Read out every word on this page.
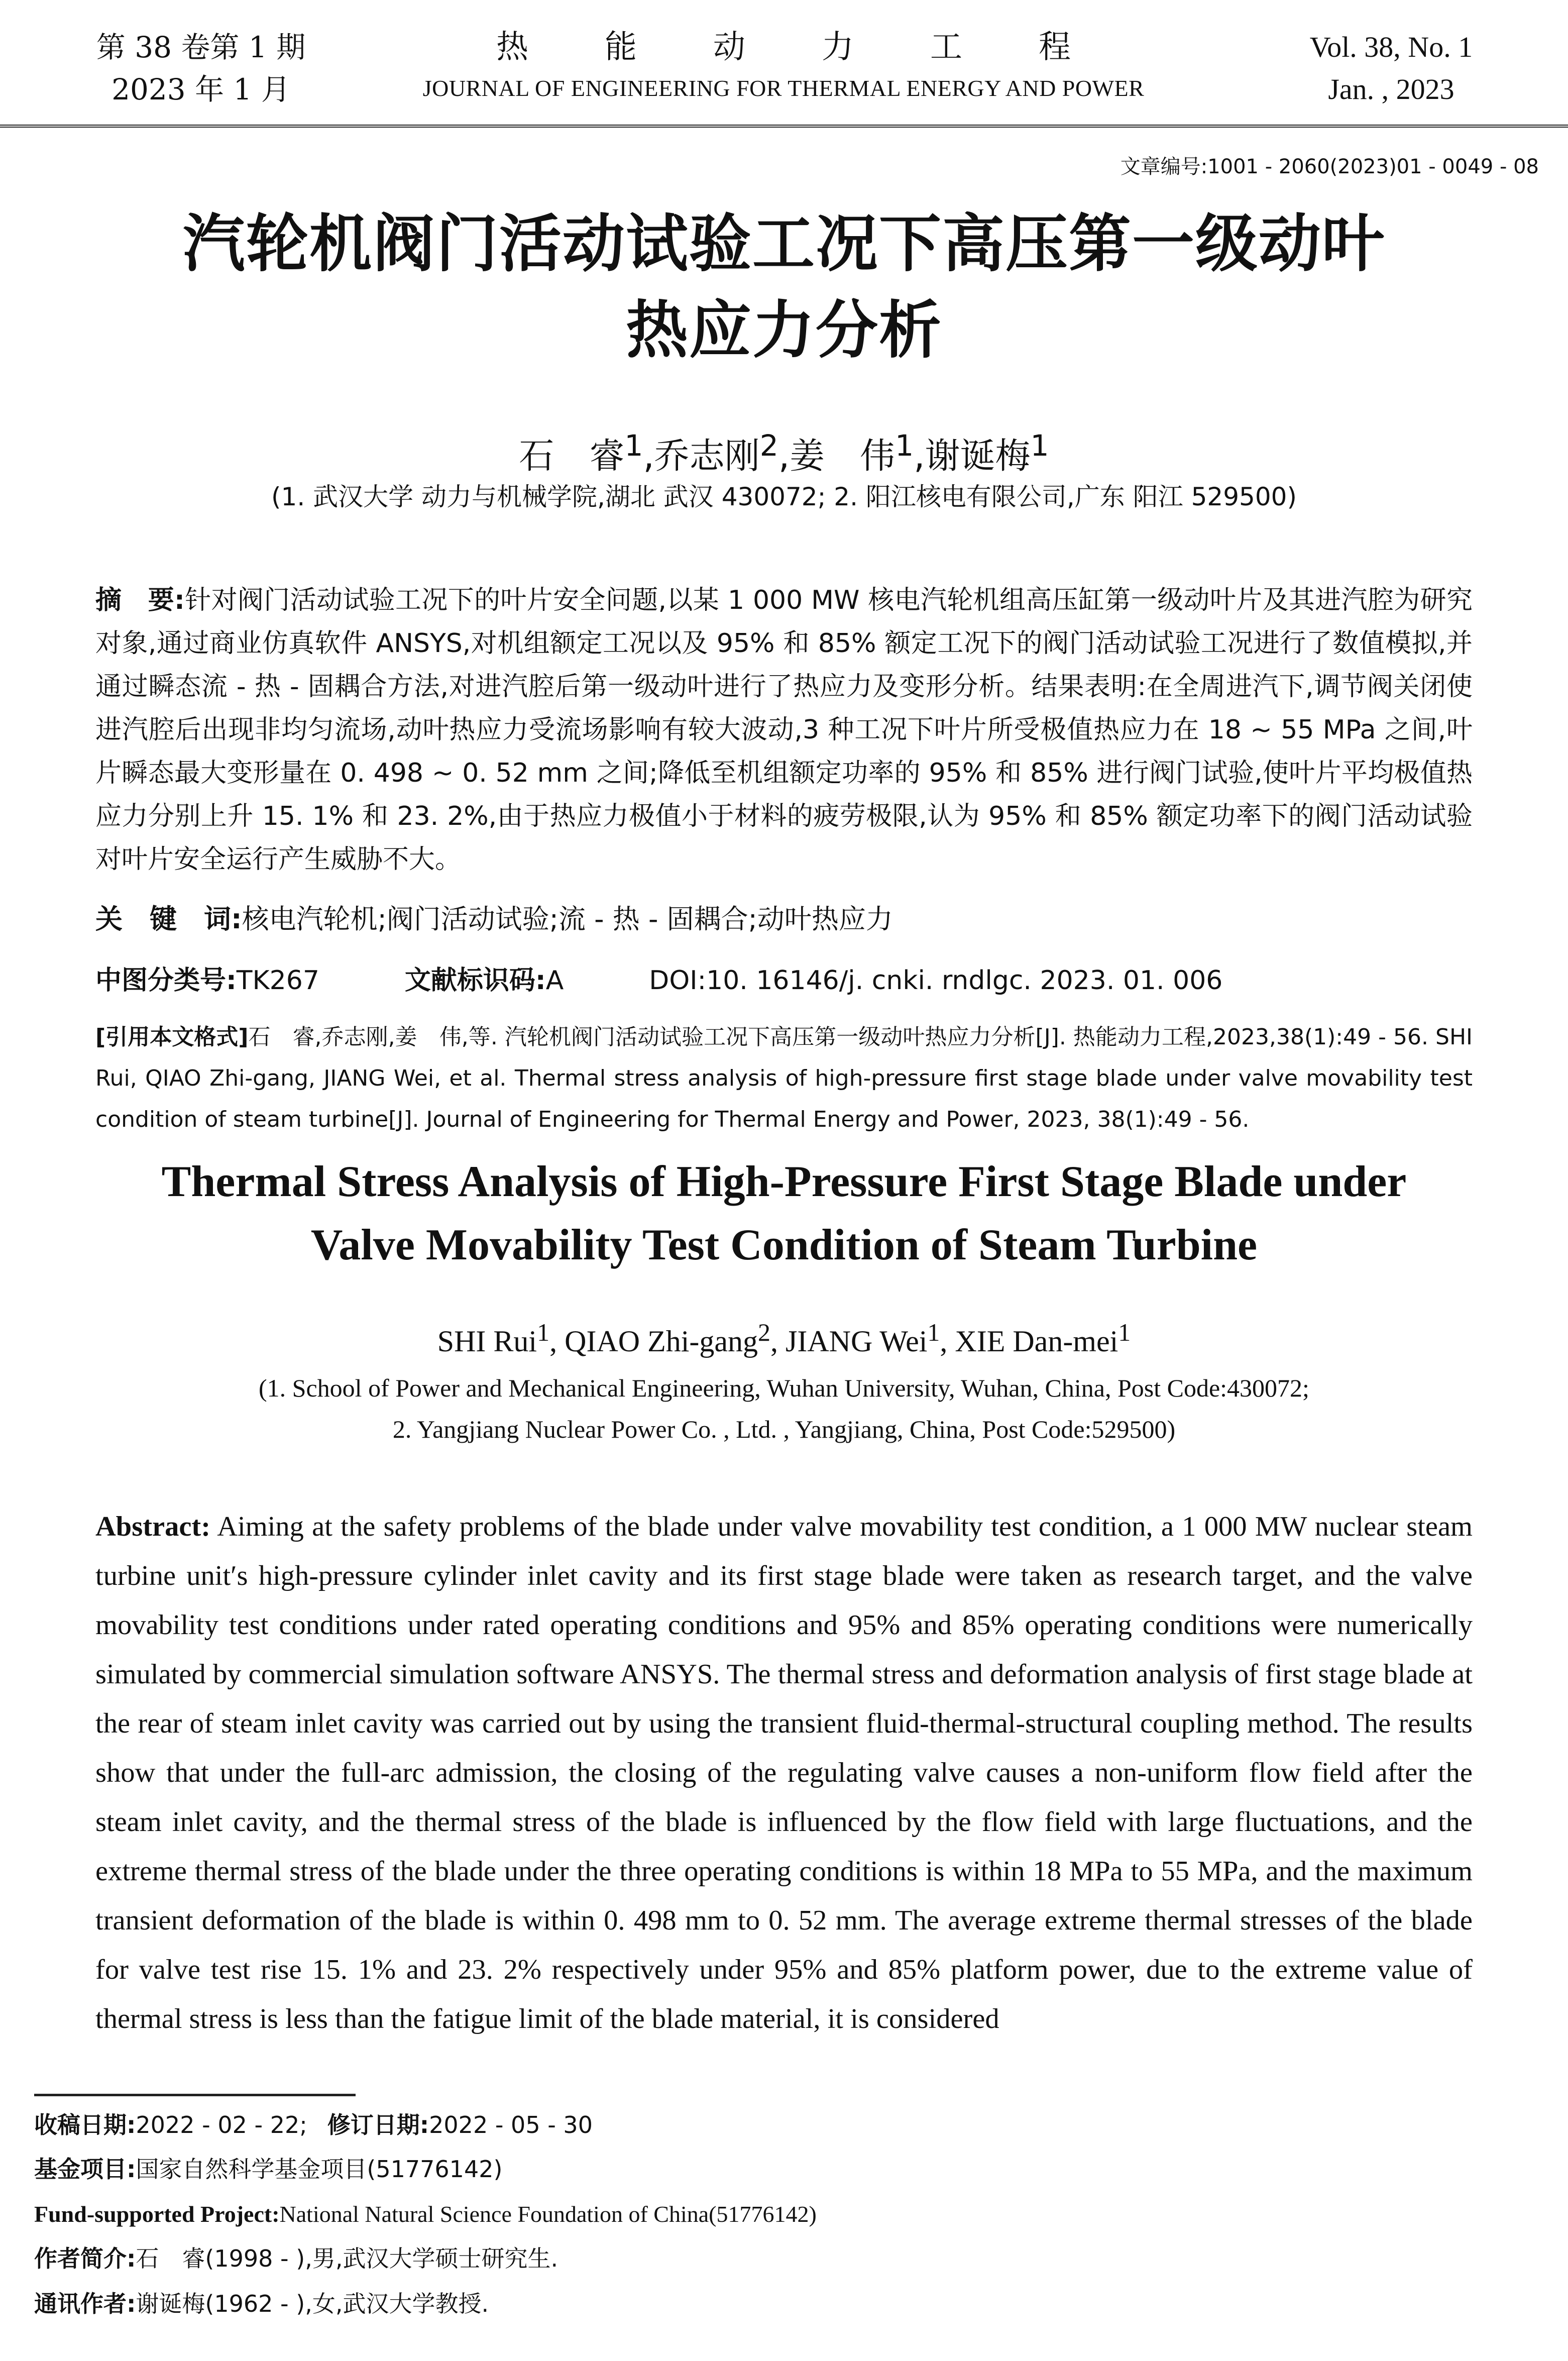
第 38 卷第 1 期
2023 年 1 月
热能动力工程
JOURNAL OF ENGINEERING FOR THERMAL ENERGY AND POWER
Vol. 38, No. 1
Jan. , 2023
文章编号:1001 - 2060(2023)01 - 0049 - 08
汽轮机阀门活动试验工况下高压第一级动叶
热应力分析
石　睿$^1$,乔志刚$^2$,姜　伟$^1$,谢诞梅$^1$
(1. 武汉大学 动力与机械学院,湖北 武汉 430072; 2. 阳江核电有限公司,广东 阳江 529500)
摘　要:针对阀门活动试验工况下的叶片安全问题,以某 1 000 MW 核电汽轮机组高压缸第一级动叶片及其进汽腔为研究对象,通过商业仿真软件 ANSYS,对机组额定工况以及 95% 和 85% 额定工况下的阀门活动试验工况进行了数值模拟,并通过瞬态流 - 热 - 固耦合方法,对进汽腔后第一级动叶进行了热应力及变形分析。结果表明:在全周进汽下,调节阀关闭使进汽腔后出现非均匀流场,动叶热应力受流场影响有较大波动,3 种工况下叶片所受极值热应力在 18 ~ 55 MPa 之间,叶片瞬态最大变形量在 0. 498 ~ 0. 52 mm 之间;降低至机组额定功率的 95% 和 85% 进行阀门试验,使叶片平均极值热应力分别上升 15. 1% 和 23. 2%,由于热应力极值小于材料的疲劳极限,认为 95% 和 85% 额定功率下的阀门活动试验对叶片安全运行产生威胁不大。
关　键　词:核电汽轮机;阀门活动试验;流 - 热 - 固耦合;动叶热应力
中图分类号:TK267	文献标识码:A	DOI:10. 16146/j. cnki. rndlgc. 2023. 01. 006
[引用本文格式]石　睿,乔志刚,姜　伟,等. 汽轮机阀门活动试验工况下高压第一级动叶热应力分析[J]. 热能动力工程,2023,38(1):49 - 56. SHI Rui, QIAO Zhi-gang, JIANG Wei, et al. Thermal stress analysis of high-pressure first stage blade under valve movability test condition of steam turbine[J]. Journal of Engineering for Thermal Energy and Power, 2023, 38(1):49 - 56.
Thermal Stress Analysis of High-Pressure First Stage Blade under
Valve Movability Test Condition of Steam Turbine
SHI Rui$^1$, QIAO Zhi-gang$^2$, JIANG Wei$^1$, XIE Dan-mei$^1$
(1. School of Power and Mechanical Engineering, Wuhan University, Wuhan, China, Post Code:430072;
2. Yangjiang Nuclear Power Co. , Ltd. , Yangjiang, China, Post Code:529500)
Abstract: Aiming at the safety problems of the blade under valve movability test condition, a 1 000 MW nuclear steam turbine unit′s high-pressure cylinder inlet cavity and its first stage blade were taken as research target, and the valve movability test conditions under rated operating conditions and 95% and 85% operating conditions were numerically simulated by commercial simulation software ANSYS. The thermal stress and deformation analysis of first stage blade at the rear of steam inlet cavity was carried out by using the transient fluid-thermal-structural coupling method. The results show that under the full-arc admission, the closing of the regulating valve causes a non-uniform flow field after the steam inlet cavity, and the thermal stress of the blade is influenced by the flow field with large fluctuations, and the extreme thermal stress of the blade under the three operating conditions is within 18 MPa to 55 MPa, and the maximum transient deformation of the blade is within 0. 498 mm to 0. 52 mm. The average extreme thermal stresses of the blade for valve test rise 15. 1% and 23. 2% respectively under 95% and 85% platform power, due to the extreme value of thermal stress is less than the fatigue limit of the blade material, it is considered
收稿日期:2022 - 02 - 22; 修订日期:2022 - 05 - 30
基金项目:国家自然科学基金项目(51776142)
Fund-supported Project:National Natural Science Foundation of China(51776142)
作者简介:石　睿(1998 - ),男,武汉大学硕士研究生.
通讯作者:谢诞梅(1962 - ),女,武汉大学教授.
